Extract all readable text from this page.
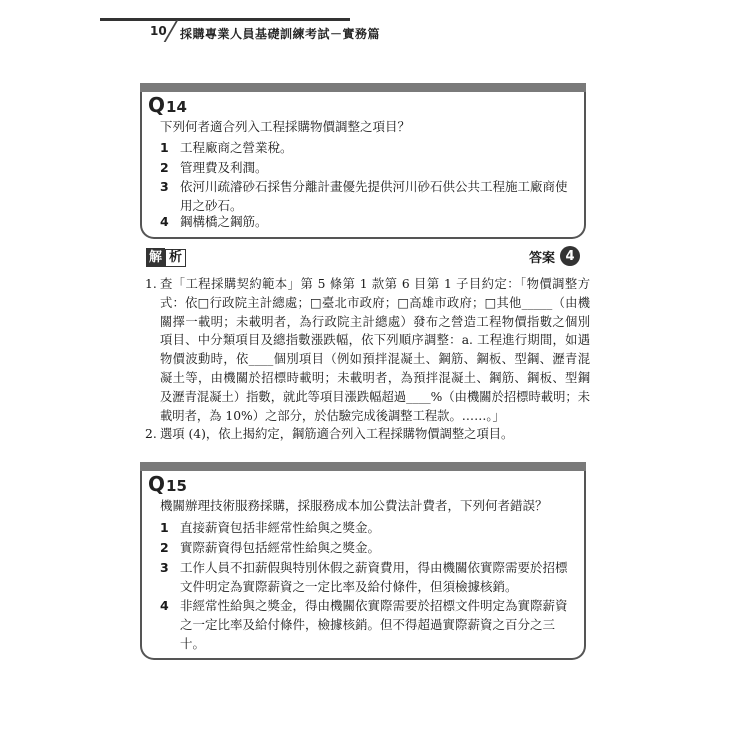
10 採購專業人員基礎訓練考試－實務篇
Q14
下列何者適合列入工程採購物價調整之項目？
1 工程廠商之營業稅。
2 管理費及利潤。
3 依河川疏濬砂石採售分離計畫優先提供河川砂石供公共工程施工廠商使用之砂石。
4 鋼構橋之鋼筋。
解 析	答案 4
1. 查「工程採購契約範本」第 5 條第 1 款第 6 目第 1 子目約定：「物價調整方式：依□行政院主計總處；□臺北市政府；□高雄市政府；□其他_____（由機關擇一載明；未載明者，為行政院主計總處）發布之營造工程物價指數之個別項目、中分類項目及總指數漲跌幅，依下列順序調整：a. 工程進行期間，如遇物價波動時，依____個別項目（例如預拌混凝土、鋼筋、鋼板、型鋼、瀝青混凝土等，由機關於招標時載明；未載明者，為預拌混凝土、鋼筋、鋼板、型鋼及瀝青混凝土）指數，就此等項目漲跌幅超過____%（由機關於招標時載明；未載明者，為 10%）之部分，於估驗完成後調整工程款。……。」
2. 選項 (4)，依上揭約定，鋼筋適合列入工程採購物價調整之項目。
Q15
機關辦理技術服務採購，採服務成本加公費法計費者，下列何者錯誤？
1 直接薪資包括非經常性給與之獎金。
2 實際薪資得包括經常性給與之獎金。
3 工作人員不扣薪假與特別休假之薪資費用，得由機關依實際需要於招標文件明定為實際薪資之一定比率及給付條件，但須檢據核銷。
4 非經常性給與之獎金，得由機關依實際需要於招標文件明定為實際薪資之一定比率及給付條件，檢據核銷。但不得超過實際薪資之百分之三十。
